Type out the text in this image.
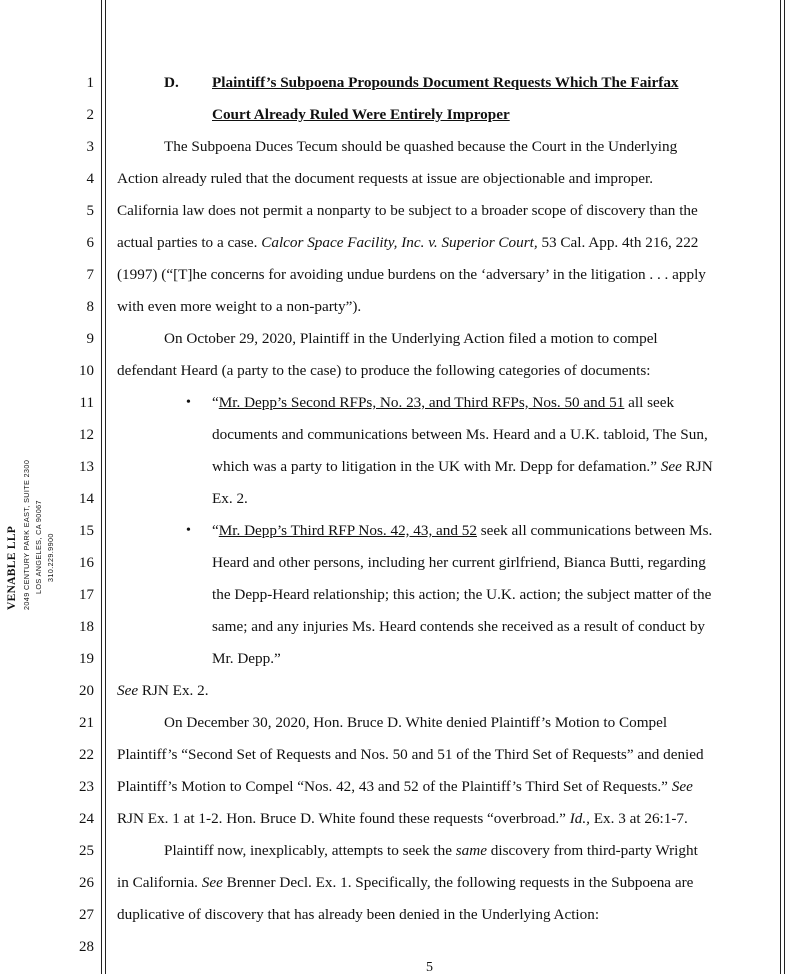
VENABLE LLP 2049 CENTURY PARK EAST, SUITE 2300 LOS ANGELES, CA 90067 310.229.9900
1
2
3
4
5
6
7
8
9
10
11
12
13
14
15
16
17
18
19
20
21
22
23
24
25
26
27
28
D. Plaintiff’s Subpoena Propounds Document Requests Which The Fairfax
Court Already Ruled Were Entirely Improper
The Subpoena Duces Tecum should be quashed because the Court in the Underlying
Action already ruled that the document requests at issue are objectionable and improper.
California law does not permit a nonparty to be subject to a broader scope of discovery than the
actual parties to a case. Calcor Space Facility, Inc. v. Superior Court, 53 Cal. App. 4th 216, 222
(1997) (“[T]he concerns for avoiding undue burdens on the ‘adversary’ in the litigation . . . apply
with even more weight to a non-party”).
On October 29, 2020, Plaintiff in the Underlying Action filed a motion to compel
defendant Heard (a party to the case) to produce the following categories of documents:
• “Mr. Depp’s Second RFPs, No. 23, and Third RFPs, Nos. 50 and 51 all seek
documents and communications between Ms. Heard and a U.K. tabloid, The Sun,
which was a party to litigation in the UK with Mr. Depp for defamation.” See RJN
Ex. 2.
• “Mr. Depp’s Third RFP Nos. 42, 43, and 52 seek all communications between Ms.
Heard and other persons, including her current girlfriend, Bianca Butti, regarding
the Depp-Heard relationship; this action; the U.K. action; the subject matter of the
same; and any injuries Ms. Heard contends she received as a result of conduct by
Mr. Depp.”
See RJN Ex. 2.
On December 30, 2020, Hon. Bruce D. White denied Plaintiff’s Motion to Compel
Plaintiff’s “Second Set of Requests and Nos. 50 and 51 of the Third Set of Requests” and denied
Plaintiff’s Motion to Compel “Nos. 42, 43 and 52 of the Plaintiff’s Third Set of Requests.” See
RJN Ex. 1 at 1-2. Hon. Bruce D. White found these requests “overbroad.” Id., Ex. 3 at 26:1-7.
Plaintiff now, inexplicably, attempts to seek the same discovery from third-party Wright
in California. See Brenner Decl. Ex. 1. Specifically, the following requests in the Subpoena are
duplicative of discovery that has already been denied in the Underlying Action:
5
